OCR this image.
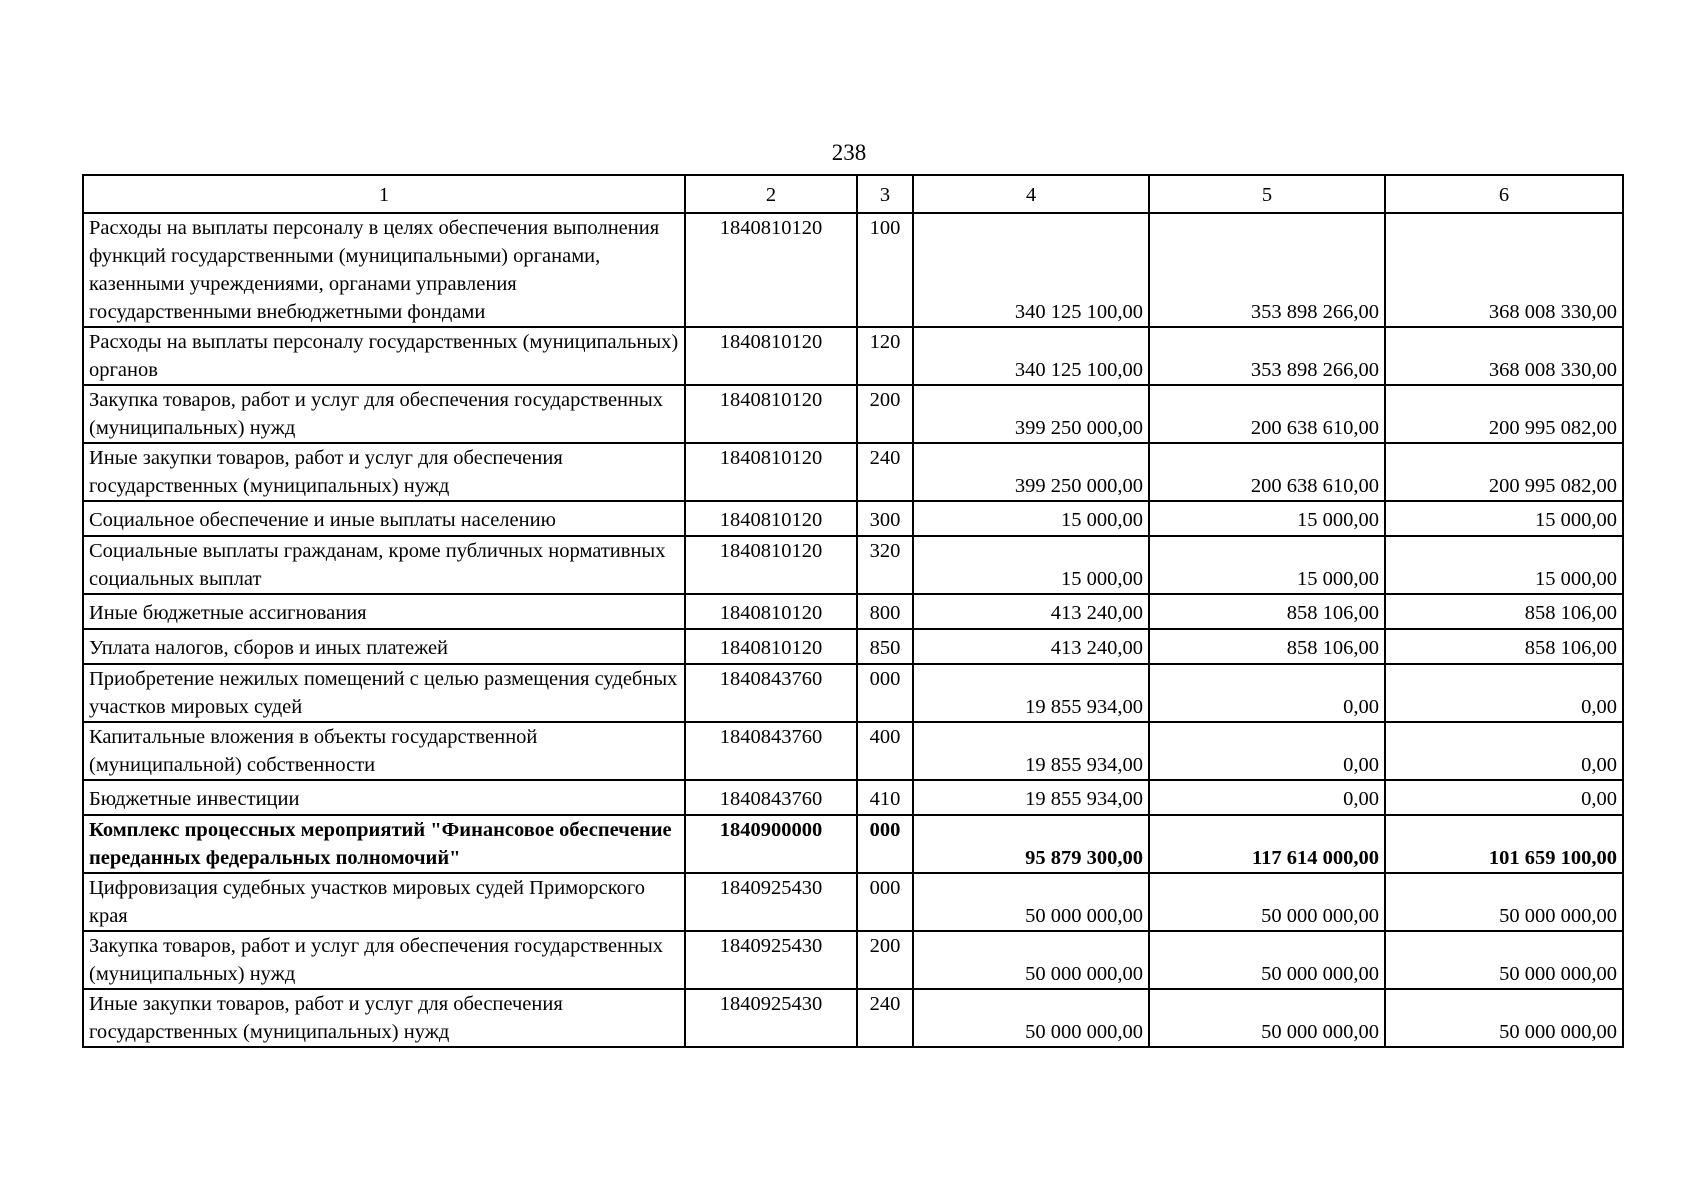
238
1	2	3	4	5	6
Расходы на выплаты персоналу в целях обеспечения выполнения функций государственными (муниципальными) органами, казенными учреждениями, органами управления государственными внебюджетными фондами	1840810120	100	340 125 100,00	353 898 266,00	368 008 330,00
Расходы на выплаты персоналу государственных (муниципальных) органов	1840810120	120	340 125 100,00	353 898 266,00	368 008 330,00
Закупка товаров, работ и услуг для обеспечения государственных (муниципальных) нужд	1840810120	200	399 250 000,00	200 638 610,00	200 995 082,00
Иные закупки товаров, работ и услуг для обеспечения государственных (муниципальных) нужд	1840810120	240	399 250 000,00	200 638 610,00	200 995 082,00
Социальное обеспечение и иные выплаты населению	1840810120	300	15 000,00	15 000,00	15 000,00
Социальные выплаты гражданам, кроме публичных нормативных социальных выплат	1840810120	320	15 000,00	15 000,00	15 000,00
Иные бюджетные ассигнования	1840810120	800	413 240,00	858 106,00	858 106,00
Уплата налогов, сборов и иных платежей	1840810120	850	413 240,00	858 106,00	858 106,00
Приобретение нежилых помещений с целью размещения судебных участков мировых судей	1840843760	000	19 855 934,00	0,00	0,00
Капитальные вложения в объекты государственной (муниципальной) собственности	1840843760	400	19 855 934,00	0,00	0,00
Бюджетные инвестиции	1840843760	410	19 855 934,00	0,00	0,00
Комплекс процессных мероприятий "Финансовое обеспечение переданных федеральных полномочий"	1840900000	000	95 879 300,00	117 614 000,00	101 659 100,00
Цифровизация судебных участков мировых судей Приморского края	1840925430	000	50 000 000,00	50 000 000,00	50 000 000,00
Закупка товаров, работ и услуг для обеспечения государственных (муниципальных) нужд	1840925430	200	50 000 000,00	50 000 000,00	50 000 000,00
Иные закупки товаров, работ и услуг для обеспечения государственных (муниципальных) нужд	1840925430	240	50 000 000,00	50 000 000,00	50 000 000,00
